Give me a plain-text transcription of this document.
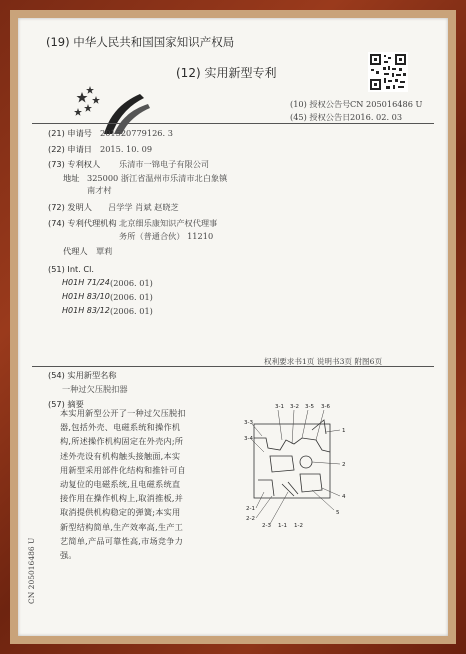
(19) 中华人民共和国国家知识产权局
(12) 实用新型专利
(10) 授权公告号 CN 205016486 U
(45) 授权公告日 2016. 02. 03
(21) 申请号 201520779126. 3
(22) 申请日 2015. 10. 09
(73) 专利权人 乐清市一锦电子有限公司
地址 325000 浙江省温州市乐清市北白象镇
南才村
(72) 发明人 吕学学 肖斌 赵晓芝
(74) 专利代理机构 北京细乐康知识产权代理事
务所（普通合伙） 11210
代理人 覃莉
(51) Int. Cl.
H01H 71/24 (2006. 01)
H01H 83/10 (2006. 01)
H01H 83/12 (2006. 01)
权利要求书1页 说明书3页 附图6页
(54) 实用新型名称
一种过欠压脱扣器
(57) 摘要
本实用新型公开了一种过欠压脱扣器,包括外壳、电磁系统和操作机构,所述操作机构固定在外壳内;所述外壳设有机构触头接触面,本实用新型采用部件化结构和推针可自动复位的电磁系统,且电磁系统直接作用在操作机构上,取消推板,并取消提供机构稳定的弹簧;本实用新型结构简单,生产效率高,生产工艺简单,产品可靠性高,市场竞争力强。
3-1 3-2 3-5 3-6
3-3
3-4
1
2
4
5
2-1
2-2
2-3 1-1 1-2
CN 205016486 U
